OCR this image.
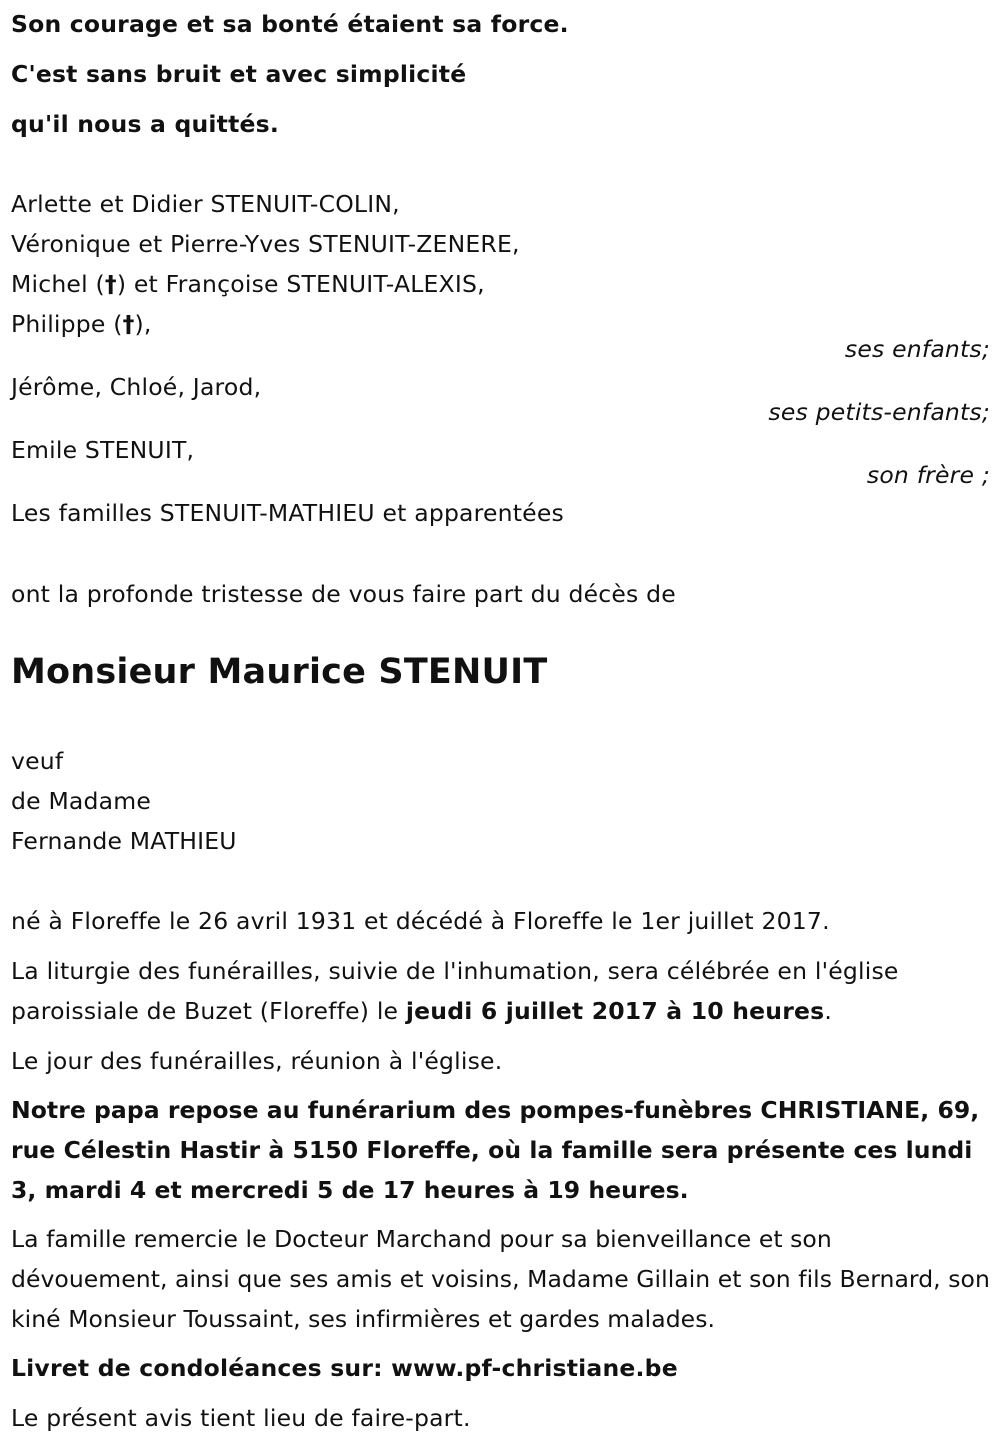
Son courage et sa bonté étaient sa force.
C'est sans bruit et avec simplicité
qu'il nous a quittés.
Arlette et Didier STENUIT-COLIN,
Véronique et Pierre-Yves STENUIT-ZENERE,
Michel (†) et Françoise STENUIT-ALEXIS,
Philippe (†),
ses enfants;
Jérôme, Chloé, Jarod,
ses petits-enfants;
Emile STENUIT,
son frère ;
Les familles STENUIT-MATHIEU et apparentées
ont la profonde tristesse de vous faire part du décès de
Monsieur Maurice STENUIT
veuf
de Madame
Fernande MATHIEU
né à Floreffe le 26 avril 1931 et décédé à Floreffe le 1er juillet 2017.
La liturgie des funérailles, suivie de l'inhumation, sera célébrée en l'église paroissiale de Buzet (Floreffe) le jeudi 6 juillet 2017 à 10 heures.
Le jour des funérailles, réunion à l'église.
Notre papa repose au funérarium des pompes-funèbres CHRISTIANE, 69, rue Célestin Hastir à 5150 Floreffe, où la famille sera présente ces lundi 3, mardi 4 et mercredi 5 de 17 heures à 19 heures.
La famille remercie le Docteur Marchand pour sa bienveillance et son dévouement, ainsi que ses amis et voisins, Madame Gillain et son fils Bernard, son kiné Monsieur Toussaint, ses infirmières et gardes malades.
Livret de condoléances sur: www.pf-christiane.be
Le présent avis tient lieu de faire-part.
